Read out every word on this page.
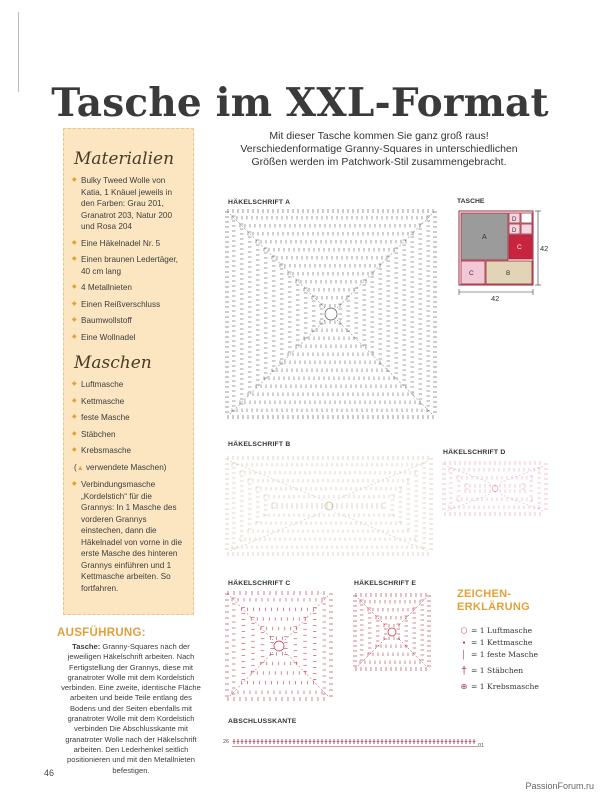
Tasche im XXL-Format
Mit dieser Tasche kommen Sie ganz groß raus!
Verschiedenformatige Granny-Squares in unterschiedlichen
Größen werden im Patchwork-Stil zusammengebracht.
Materialien
◆ Bulky Tweed Wolle von Katia, 1 Knäuel jeweils in den Farben: Grau 201, Granatrot 203, Natur 200 und Rosa 204
◆ Eine Häkelnadel Nr. 5
◆ Einen braunen Ledertäger, 40 cm lang
◆ 4 Metallnieten
◆ Einen Reißverschluss
◆ Baumwollstoff
◆ Eine Wollnadel
Maschen
◆ Luftmasche
◆ Kettmasche
◆ feste Masche
◆ Stäbchen
◆ Krebsmasche
(▲ verwendete Maschen)
◆ Verbindungsmasche „Kordelstich“ für die Grannys: In 1 Masche des vorderen Grannys einstechen, dann die Häkelnadel von vorne in die erste Masche des hinteren Grannys einführen und 1 Kettmasche arbeiten. So fortfahren.
AUSFÜHRUNG:
Tasche: Granny-Squares nach der jeweiligen Häkelschrift arbeiten. Nach Fertigstellung der Grannys, diese mit granatroter Wolle mit dem Kordelstich verbinden. Eine zweite, identische Fläche arbeiten und beide Teile entlang des Bodens und der Seiten ebenfalls mit granatroter Wolle mit dem Kordelstich verbinden Die Abschlusskante mit granatroter Wolle nach der Häkelschrift arbeiten. Den Lederhenkel seitlich positionieren und mit den Metallnieten befestigen.
HÄKELSCHRIFT A
HÄKELSCHRIFT B
HÄKELSCHRIFT D
HÄKELSCHRIFT C	HÄKELSCHRIFT E
ABSCHLUSSKANTE
26
01
TASCHE
A
D
D
C
C	B
42
42
ZEICHEN-
ERKLÄRUNG
◯ = 1 Luftmasche
● = 1 Kettmasche
│ = 1 feste Masche
† = 1 Stäbchen
⊕ = 1 Krebsmasche
46
PassionForum.ru
